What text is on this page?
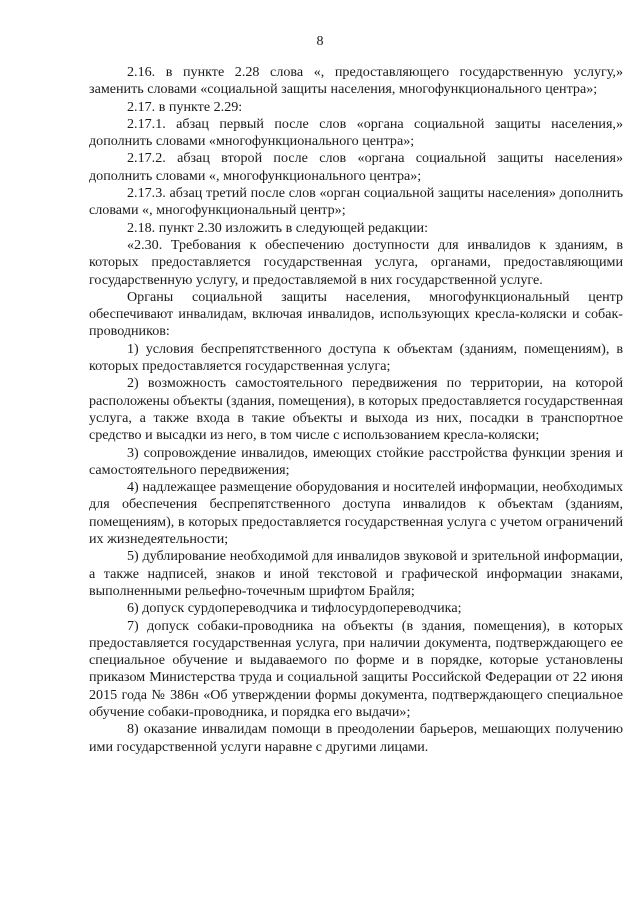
8

2.16. в пункте 2.28 слова «, предоставляющего государственную услугу,» заменить словами «социальной защиты населения, многофункционального центра»;

2.17. в пункте 2.29:

2.17.1. абзац первый после слов «органа социальной защиты населения,» дополнить словами «многофункционального центра»;

2.17.2. абзац второй после слов «органа социальной защиты населения» дополнить словами «, многофункционального центра»;

2.17.3. абзац третий после слов «орган социальной защиты населения» дополнить словами «, многофункциональный центр»;

2.18. пункт 2.30 изложить в следующей редакции:

«2.30. Требования к обеспечению доступности для инвалидов к зданиям, в которых предоставляется государственная услуга, органами, предоставляющими государственную услугу, и предоставляемой в них государственной услуге.

Органы социальной защиты населения, многофункциональный центр обеспечивают инвалидам, включая инвалидов, использующих кресла-коляски и собак-проводников:

1) условия беспрепятственного доступа к объектам (зданиям, помещениям), в которых предоставляется государственная услуга;

2) возможность самостоятельного передвижения по территории, на которой расположены объекты (здания, помещения), в которых предоставляется государственная услуга, а также входа в такие объекты и выхода из них, посадки в транспортное средство и высадки из него, в том числе с использованием кресла-коляски;

3) сопровождение инвалидов, имеющих стойкие расстройства функции зрения и самостоятельного передвижения;

4) надлежащее размещение оборудования и носителей информации, необходимых для обеспечения беспрепятственного доступа инвалидов к объектам (зданиям, помещениям), в которых предоставляется государственная услуга с учетом ограничений их жизнедеятельности;

5) дублирование необходимой для инвалидов звуковой и зрительной информации, а также надписей, знаков и иной текстовой и графической информации знаками, выполненными рельефно-точечным шрифтом Брайля;

6) допуск сурдопереводчика и тифлосурдопереводчика;

7) допуск собаки-проводника на объекты (в здания, помещения), в которых предоставляется государственная услуга, при наличии документа, подтверждающего ее специальное обучение и выдаваемого по форме и в порядке, которые установлены приказом Министерства труда и социальной защиты Российской Федерации от 22 июня 2015 года № 386н «Об утверждении формы документа, подтверждающего специальное обучение собаки-проводника, и порядка его выдачи»;

8) оказание инвалидам помощи в преодолении барьеров, мешающих получению ими государственной услуги наравне с другими лицами.
